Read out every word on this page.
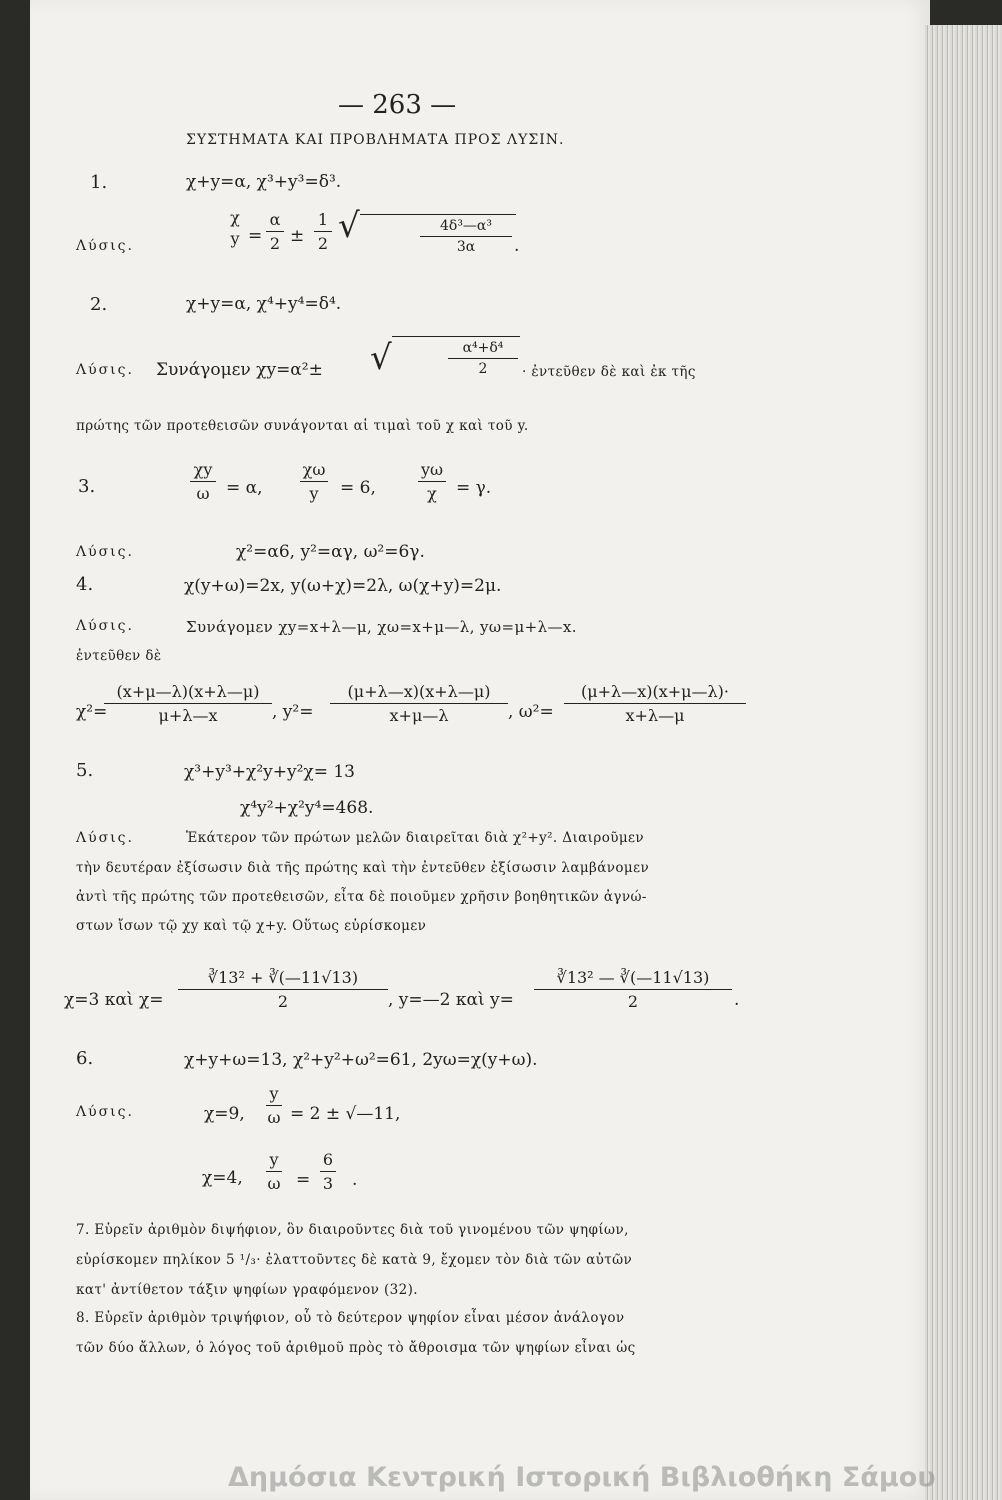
— 263 —
ΣΥΣΤΗΜΑΤΑ ΚΑΙ ΠΡΟΒΛΗΜΑΤΑ ΠΡΟΣ ΛΥΣΙΝ.
1.	χ+y=α, χ³+y³=δ³.
Λύσις.
χ
y =
α
2 ±
1
2 √	4δ³—α³
3α	.
2.	χ+y=α, χ⁴+y⁴=δ⁴.
Λύσις. Συνάγομεν χy=α²± √	α⁴+δ⁴
2	· ἐντεῦθεν δὲ καὶ ἐκ τῆς
πρώτης τῶν προτεθεισῶν συνάγονται αἱ τιμαὶ τοῦ χ καὶ τοῦ y.
3.
χy
ω = α,
χω
y	= 6,
yω
χ	= γ.
Λύσις.	χ²=α6, y²=αγ, ω²=6γ.
4.	χ(y+ω)=2x, y(ω+χ)=2λ, ω(χ+y)=2μ.
Λύσις.	Συνάγομεν χy=x+λ—μ, χω=x+μ—λ, yω=μ+λ—x.
ἐντεῦθεν δὲ
χ²=
(x+μ—λ)(x+λ—μ)
μ+λ—x	, y²=
(μ+λ—x)(x+λ—μ)
x+μ—λ	, ω²=
(μ+λ—x)(x+μ—λ)·
x+λ—μ
5.	χ³+y³+χ²y+y²χ= 13
χ⁴y²+χ²y⁴=468.
Λύσις.	Ἑκάτερον τῶν πρώτων μελῶν διαιρεῖται διὰ χ²+y². Διαιροῦμεν
τὴν δευτέραν ἐξίσωσιν διὰ τῆς πρώτης καὶ τὴν ἐντεῦθεν ἐξίσωσιν λαμβάνομεν
ἀντὶ τῆς πρώτης τῶν προτεθεισῶν, εἶτα δὲ ποιοῦμεν χρῆσιν βοηθητικῶν ἀγνώ-
στων ἴσων τῷ χy καὶ τῷ χ+y. Οὕτως εὑρίσκομεν
χ=3 καὶ χ=
∛13² + ∛(—11√13)
2	, y=—2 καὶ y=
∛13² — ∛(—11√13)
2	.
6.	χ+y+ω=13, χ²+y²+ω²=61, 2yω=χ(y+ω).
Λύσις.	χ=9,
y
ω = 2 ± √—11,
χ=4,
y
ω =
6
3 .
7. Εὑρεῖν ἀριθμὸν διψήφιον, ὃν διαιροῦντες διὰ τοῦ γινομένου τῶν ψηφίων,
εὑρίσκομεν πηλίκον 5 ¹/₃· ἐλαττοῦντες δὲ κατὰ 9, ἔχομεν τὸν διὰ τῶν αὐτῶν
κατ' ἀντίθετον τάξιν ψηφίων γραφόμενον (32).
8. Εὑρεῖν ἀριθμὸν τριψήφιον, οὗ τὸ δεύτερον ψηφίον εἶναι μέσον ἀνάλογον
τῶν δύο ἄλλων, ὁ λόγος τοῦ ἀριθμοῦ πρὸς τὸ ἄθροισμα τῶν ψηφίων εἶναι ὡς
Δημόσια Κεντρική Ιστορική Βιβλιοθήκη Σάμου
